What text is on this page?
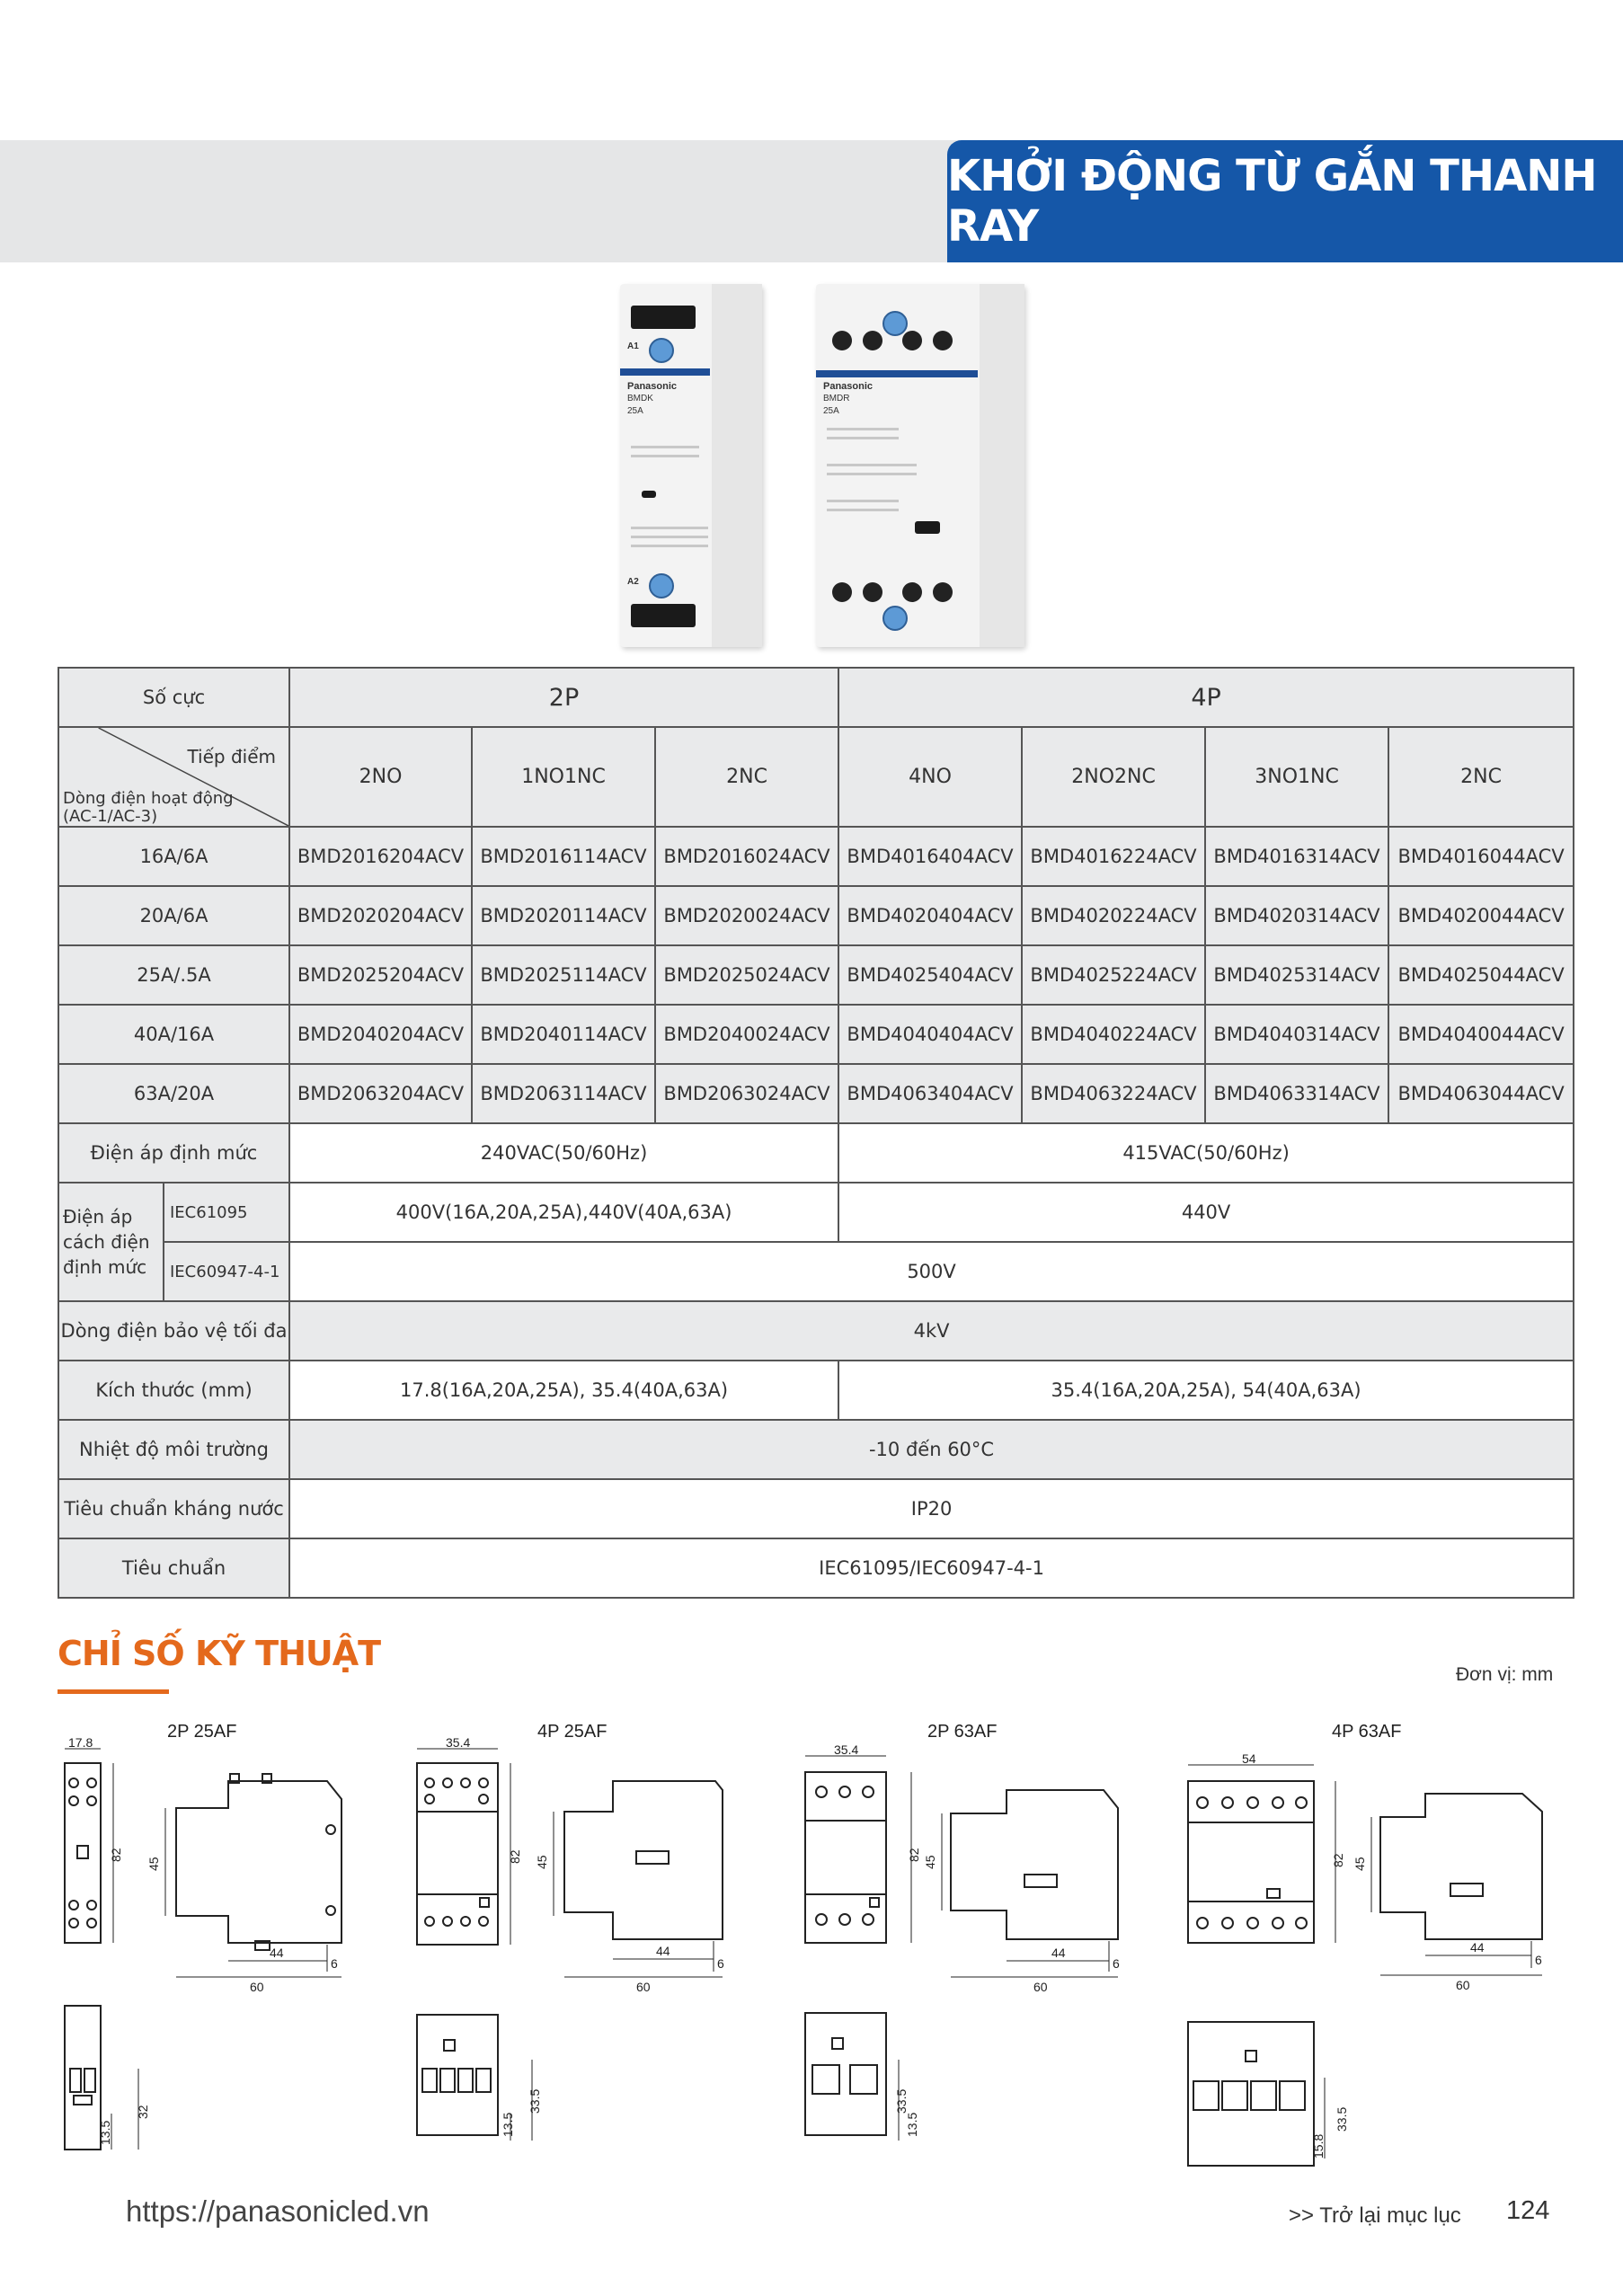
KHỞI ĐỘNG TỪ GẮN THANH RAY
A1
Panasonic
BMDK
25A
A2
Panasonic
BMDR
25A
Số cực		2P			4P			

Tiếp điểm
Dòng điện hoạt động (AC-1/AC-3)		2NO	1NO1NC	2NC	4NO	2NO2NC	3NO1NC	2NC
16A/6A		BMD2016204ACV	BMD2016114ACV	BMD2016024ACV	BMD4016404ACV	BMD4016224ACV	BMD4016314ACV	BMD4016044ACV
20A/6A		BMD2020204ACV	BMD2020114ACV	BMD2020024ACV	BMD4020404ACV	BMD4020224ACV	BMD4020314ACV	BMD4020044ACV
25A/.5A		BMD2025204ACV	BMD2025114ACV	BMD2025024ACV	BMD4025404ACV	BMD4025224ACV	BMD4025314ACV	BMD4025044ACV
40A/16A		BMD2040204ACV	BMD2040114ACV	BMD2040024ACV	BMD4040404ACV	BMD4040224ACV	BMD4040314ACV	BMD4040044ACV
63A/20A		BMD2063204ACV	BMD2063114ACV	BMD2063024ACV	BMD4063404ACV	BMD4063224ACV	BMD4063314ACV	BMD4063044ACV
Điện áp định mức		240VAC(50/60Hz)			415VAC(50/60Hz)			
Điện áp cách điện định mức	IEC61095	400V(16A,20A,25A),440V(40A,63A)			440V			
	IEC60947-4-1	500V						
Dòng điện bảo vệ tối đa		4kV						
Kích thước (mm)		17.8(16A,20A,25A), 35.4(40A,63A)			35.4(16A,20A,25A), 54(40A,63A)			
Nhiệt độ môi trường		-10 đến 60°C						
Tiêu chuẩn kháng nước		IP20						
Tiêu chuẩn		IEC61095/IEC60947-4-1						
CHỈ SỐ KỸ THUẬT
Đơn vị: mm
2P 25AF
17.8
82
45
44
6
60
13.5
32
4P 25AF
35.4
82 45
44
6
60
13.5
33.5
2P 63AF
35.4
82
45
44
6
60
33.5
13.5
4P 63AF
54
82 45
44
6
60
15.8
33.5
https://panasonicled.vn	>> Trở lại mục lục 124
